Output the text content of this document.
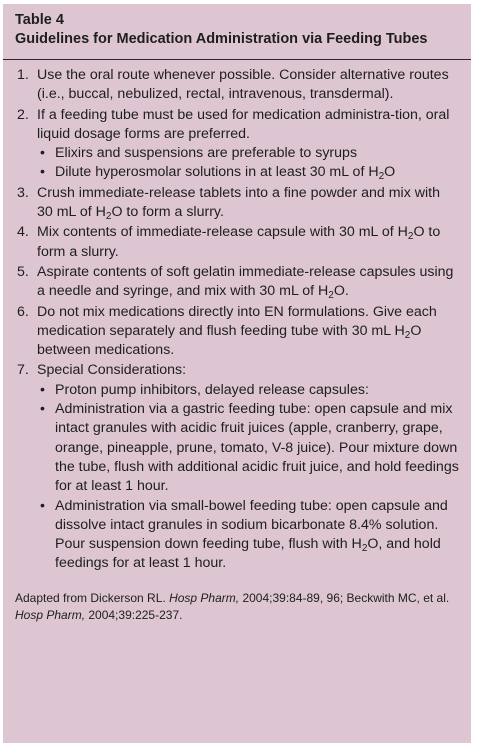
Table 4
Guidelines for Medication Administration via Feeding Tubes
1. Use the oral route whenever possible. Consider alternative routes (i.e., buccal, nebulized, rectal, intravenous, transdermal).
2. If a feeding tube must be used for medication administra-tion, oral liquid dosage forms are preferred.
• Elixirs and suspensions are preferable to syrups
• Dilute hyperosmolar solutions in at least 30 mL of $H_2O$
3. Crush immediate-release tablets into a fine powder and mix with 30 mL of $H_2O$ to form a slurry.
4. Mix contents of immediate-release capsule with 30 mL of $H_2O$ to form a slurry.
5. Aspirate contents of soft gelatin immediate-release capsules using a needle and syringe, and mix with 30 mL of $H_2O$.
6. Do not mix medications directly into EN formulations. Give each medication separately and flush feeding tube with 30 mL $H_2O$ between medications.
7. Special Considerations:
• Proton pump inhibitors, delayed release capsules:
• Administration via a gastric feeding tube: open capsule and mix intact granules with acidic fruit juices (apple, cranberry, grape, orange, pineapple, prune, tomato, V-8 juice). Pour mixture down the tube, flush with additional acidic fruit juice, and hold feedings for at least 1 hour.
• Administration via small-bowel feeding tube: open capsule and dissolve intact granules in sodium bicarbonate 8.4% solution. Pour suspension down feeding tube, flush with $H_2O$, and hold feedings for at least 1 hour.
Adapted from Dickerson RL. Hosp Pharm, 2004;39:84-89, 96; Beckwith MC, et al. Hosp Pharm, 2004;39:225-237.
